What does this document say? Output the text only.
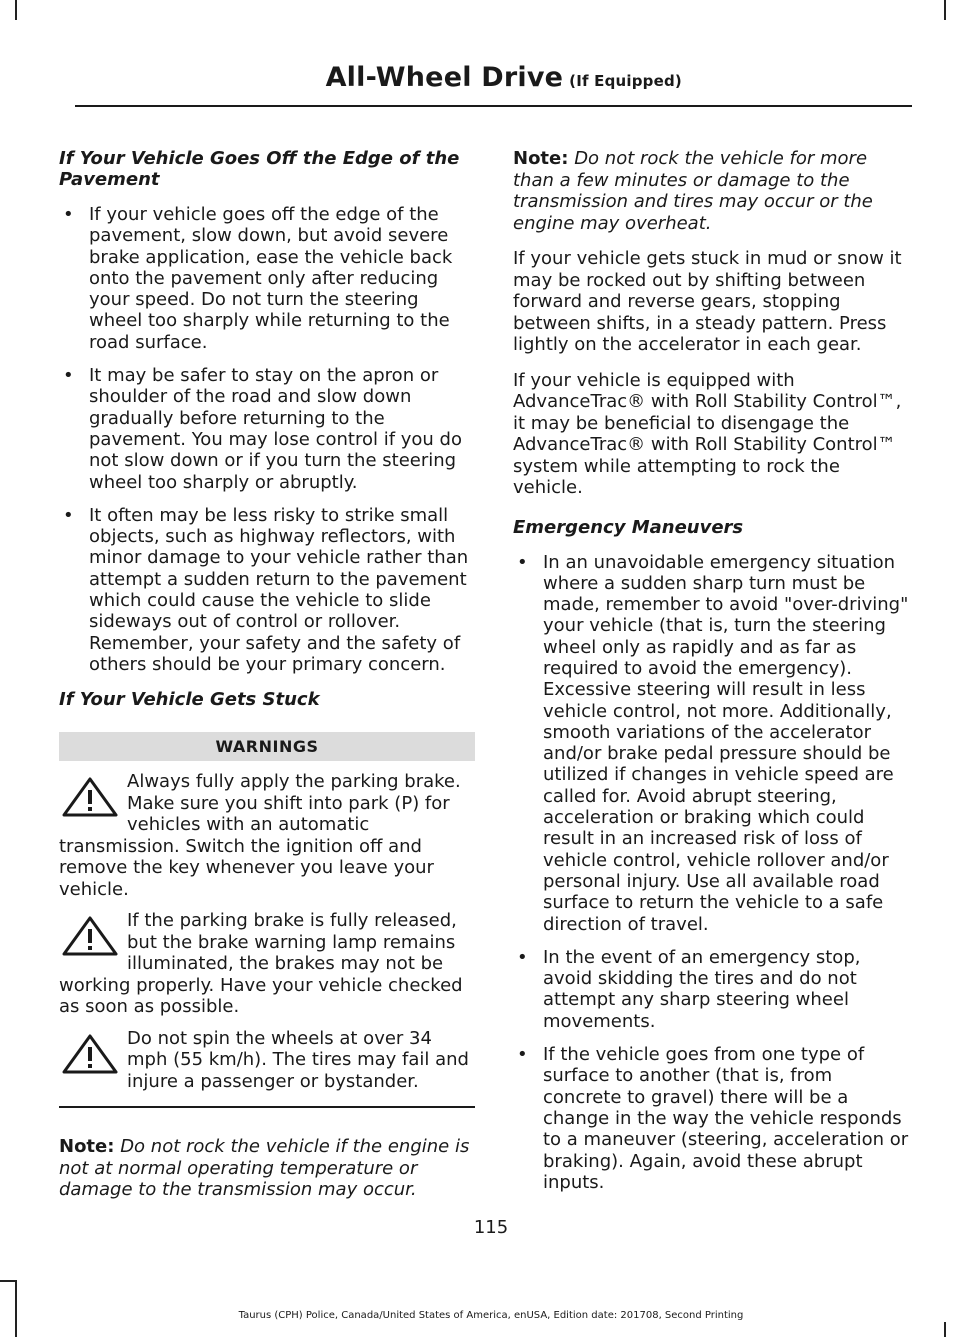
All-Wheel Drive (If Equipped)
If Your Vehicle Goes Off the Edge of the Pavement
• If your vehicle goes off the edge of the pavement, slow down, but avoid severe brake application, ease the vehicle back onto the pavement only after reducing your speed. Do not turn the steering wheel too sharply while returning to the road surface.
• It may be safer to stay on the apron or shoulder of the road and slow down gradually before returning to the pavement. You may lose control if you do not slow down or if you turn the steering wheel too sharply or abruptly.
• It often may be less risky to strike small objects, such as highway reflectors, with minor damage to your vehicle rather than attempt a sudden return to the pavement which could cause the vehicle to slide sideways out of control or rollover. Remember, your safety and the safety of others should be your primary concern.
If Your Vehicle Gets Stuck
WARNINGS

Always fully apply the parking brake. Make sure you shift into park (P) for vehicles with an automatic transmission. Switch the ignition off and remove the key whenever you leave your vehicle.

If the parking brake is fully released, but the brake warning lamp remains illuminated, the brakes may not be working properly. Have your vehicle checked as soon as possible.

Do not spin the wheels at over 34 mph (55 km/h). The tires may fail and injure a passenger or bystander.

Note: Do not rock the vehicle if the engine is not at normal operating temperature or damage to the transmission may occur.

Note: Do not rock the vehicle for more than a few minutes or damage to the transmission and tires may occur or the engine may overheat.

If your vehicle gets stuck in mud or snow it may be rocked out by shifting between forward and reverse gears, stopping between shifts, in a steady pattern. Press lightly on the accelerator in each gear.

If your vehicle is equipped with AdvanceTrac® with Roll Stability Control™, it may be beneficial to disengage the AdvanceTrac® with Roll Stability Control™ system while attempting to rock the vehicle.

Emergency Maneuvers
• In an unavoidable emergency situation where a sudden sharp turn must be made, remember to avoid "over-driving" your vehicle (that is, turn the steering wheel only as rapidly and as far as required to avoid the emergency). Excessive steering will result in less vehicle control, not more. Additionally, smooth variations of the accelerator and/or brake pedal pressure should be utilized if changes in vehicle speed are called for. Avoid abrupt steering, acceleration or braking which could result in an increased risk of loss of vehicle control, vehicle rollover and/or personal injury. Use all available road surface to return the vehicle to a safe direction of travel.
• In the event of an emergency stop, avoid skidding the tires and do not attempt any sharp steering wheel movements.
• If the vehicle goes from one type of surface to another (that is, from concrete to gravel) there will be a change in the way the vehicle responds to a maneuver (steering, acceleration or braking). Again, avoid these abrupt inputs.
115
Taurus (CPH) Police, Canada/United States of America, enUSA, Edition date: 201708, Second Printing
